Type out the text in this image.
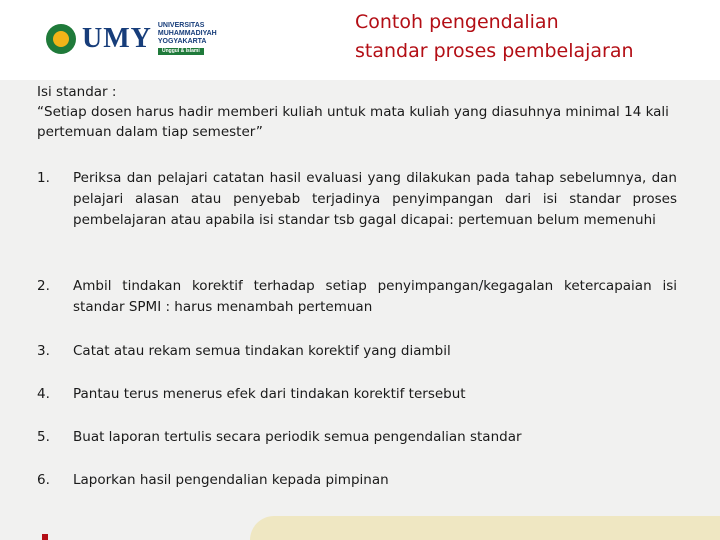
UMY UNIVERSITAS
MUHAMMADIYAH
YOGYAKARTA
Unggul & Islami
Contoh pengendalian
standar proses pembelajaran
Isi standar :
“Setiap dosen harus hadir memberi kuliah untuk mata kuliah yang diasuhnya minimal 14 kali pertemuan dalam tiap semester”
1.	Periksa dan pelajari catatan hasil evaluasi yang dilakukan pada tahap sebelumnya, dan pelajari alasan atau penyebab terjadinya penyimpangan dari isi standar proses pembelajaran atau apabila isi standar tsb gagal dicapai: pertemuan belum memenuhi
2.	Ambil tindakan korektif terhadap setiap penyimpangan/kegagalan ketercapaian isi standar SPMI : harus menambah pertemuan
3.	Catat atau rekam semua tindakan korektif yang diambil
4.	Pantau terus menerus efek dari tindakan korektif tersebut
5.	Buat laporan tertulis secara periodik semua pengendalian standar
6.	Laporkan hasil pengendalian kepada pimpinan
